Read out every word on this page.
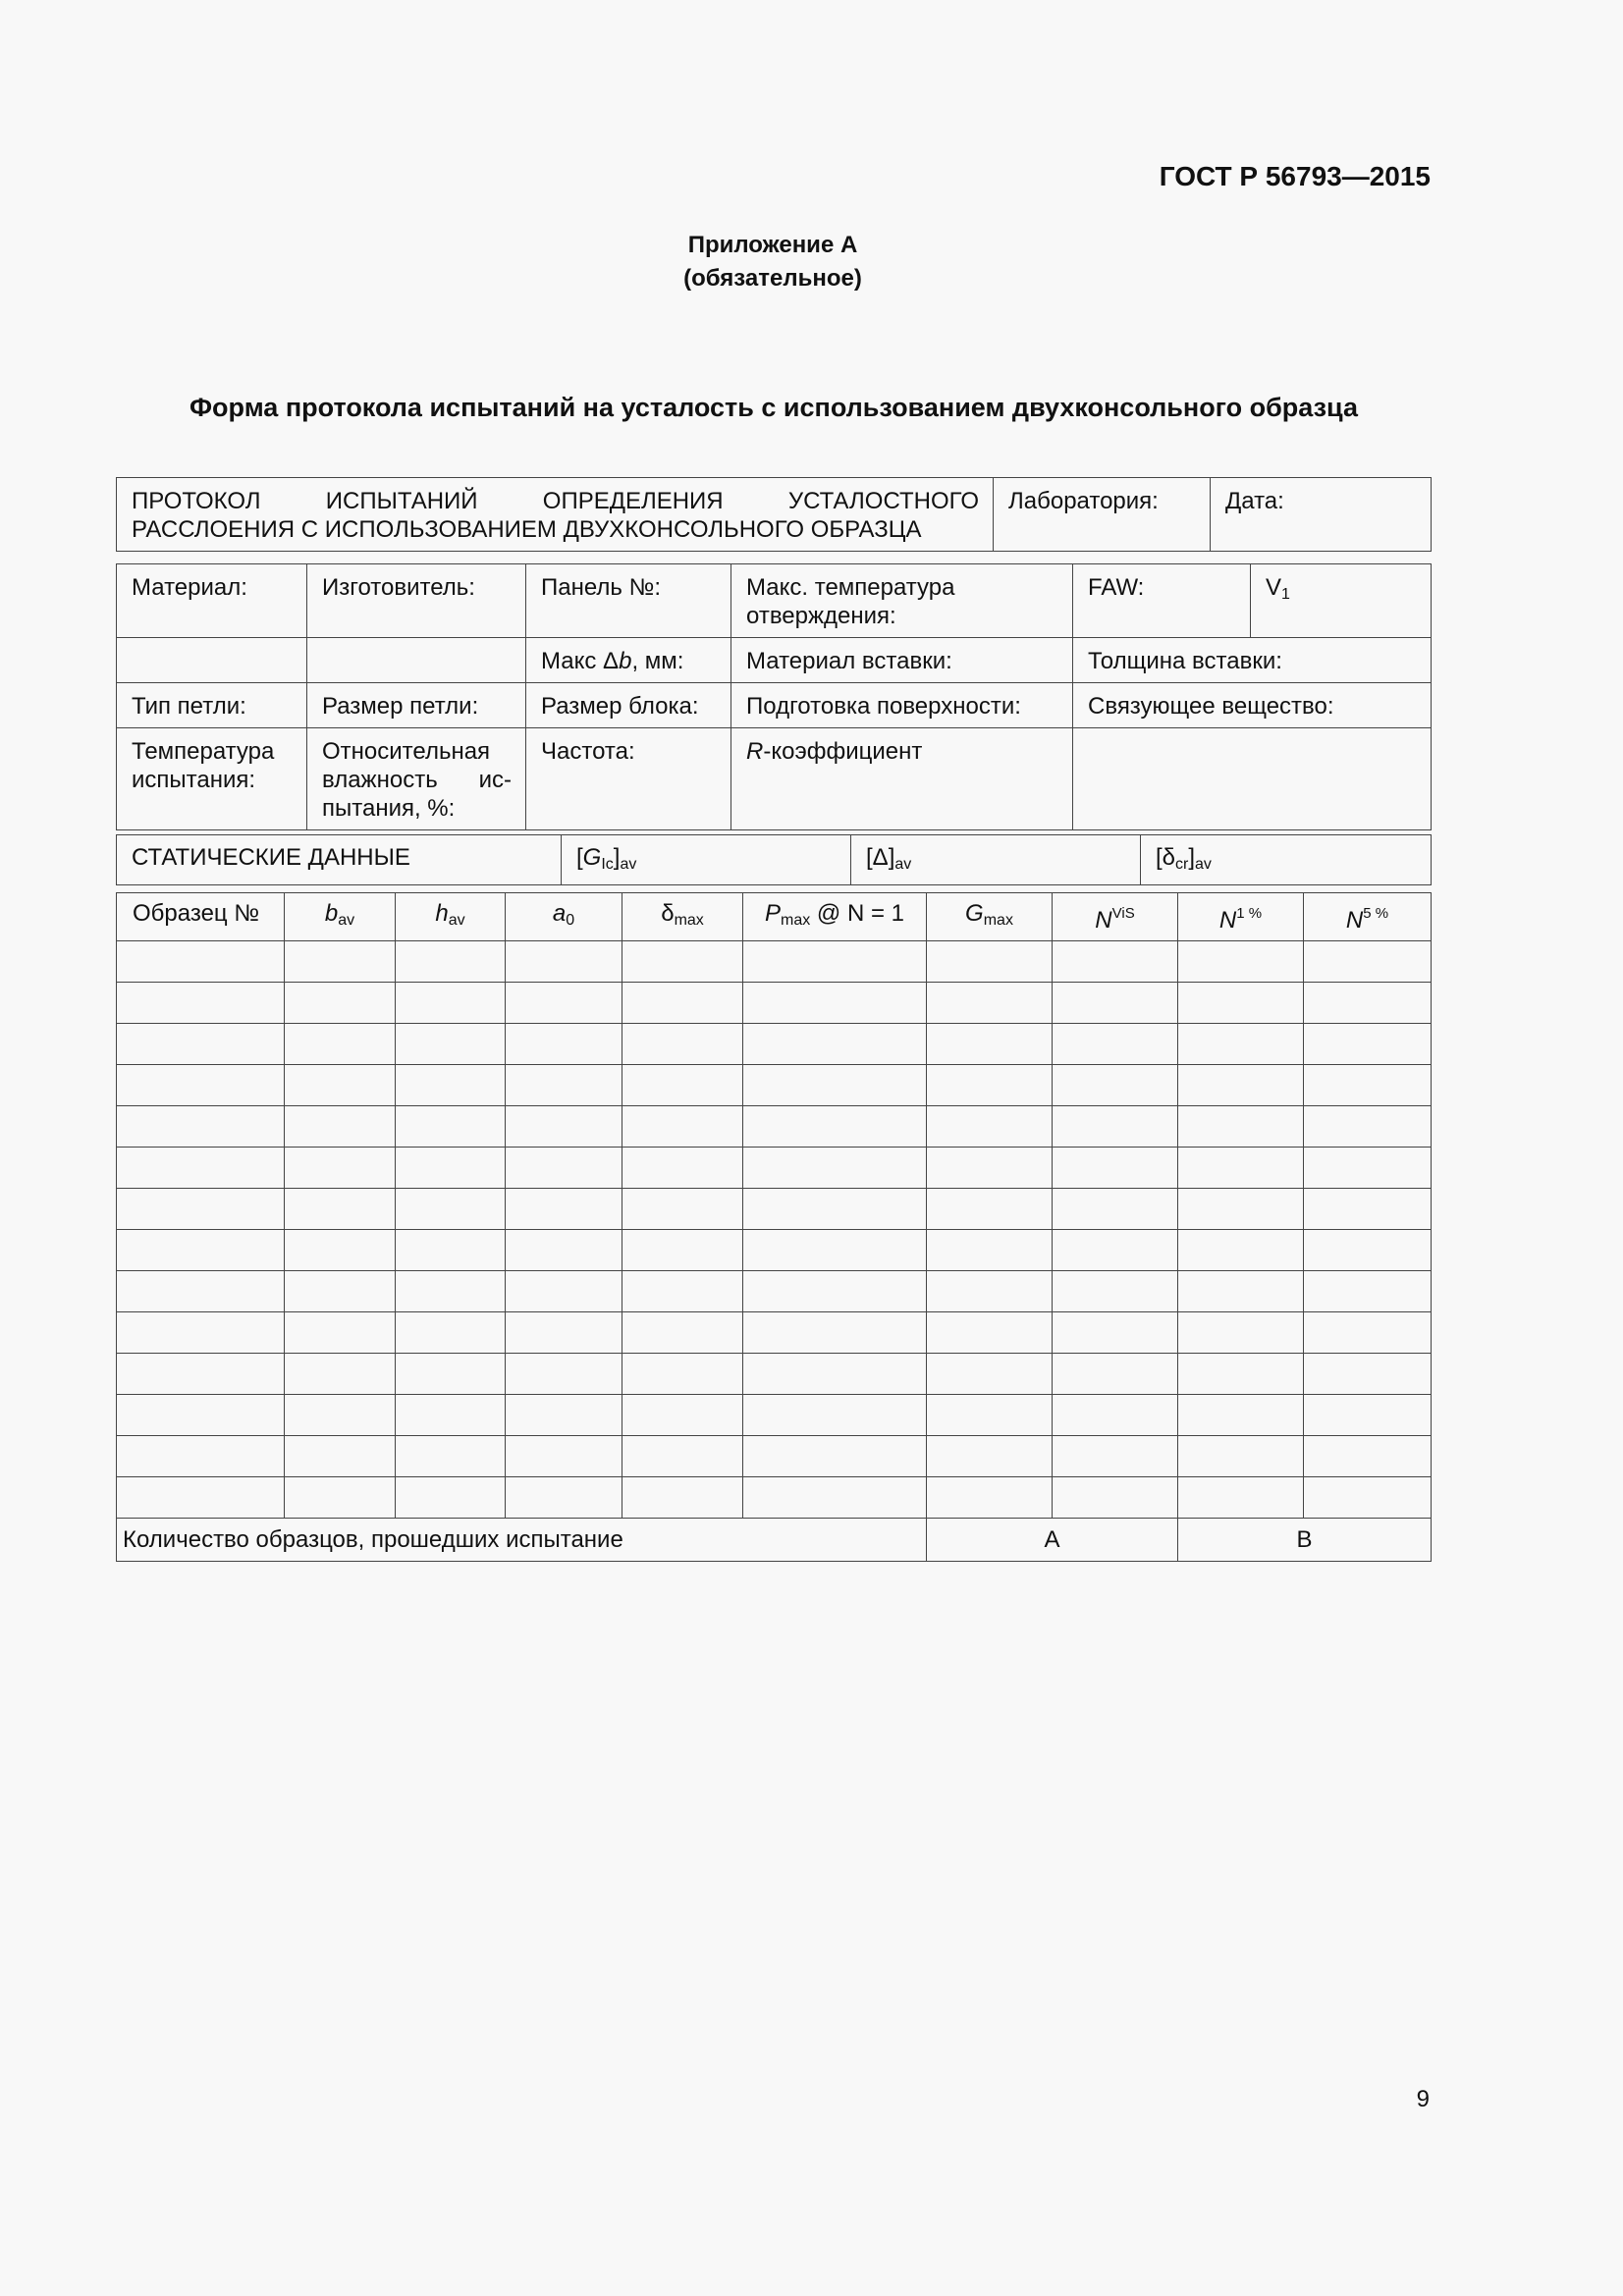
ГОСТ Р 56793—2015
Приложение А
(обязательное)
Форма протокола испытаний на усталость с использованием двухконсольного образца
ПРОТОКОЛ ИСПЫТАНИЙ ОПРЕДЕЛЕНИЯ УСТАЛОСТНОГО
РАССЛОЕНИЯ С ИСПОЛЬЗОВАНИЕМ ДВУХКОНСОЛЬНОГО ОБРАЗЦА	Лаборатория:	Дата:
Материал:	Изготовитель:	Панель №:	Макс. температура отверждения:	FAW:	$V_1$
		Макс Δb, мм:	Материал вставки:	Толщина вставки:	
Тип петли:	Размер петли:	Размер блока:	Подготовка поверхности:	Связующее вещество:	
Температура испытания:	Относительная влажность ис-пытания, %:	Частота:	R-коэффициент		
СТАТИЧЕСКИЕ ДАННЫЕ	$[G_{Ic}]_{av}$	$[\Delta]_{av}$	$[\delta_{cr}]_{av}$
Образец №	$b_{av}$	$h_{av}$	$a_0$	$\delta_{max}$	$P_{max}$ @ N = 1	$G_{max}$	$N^{ViS}$	$N^{1 \%}$	$N^{5 \%}$

Количество образцов, прошедших испытание						А		В	
9
